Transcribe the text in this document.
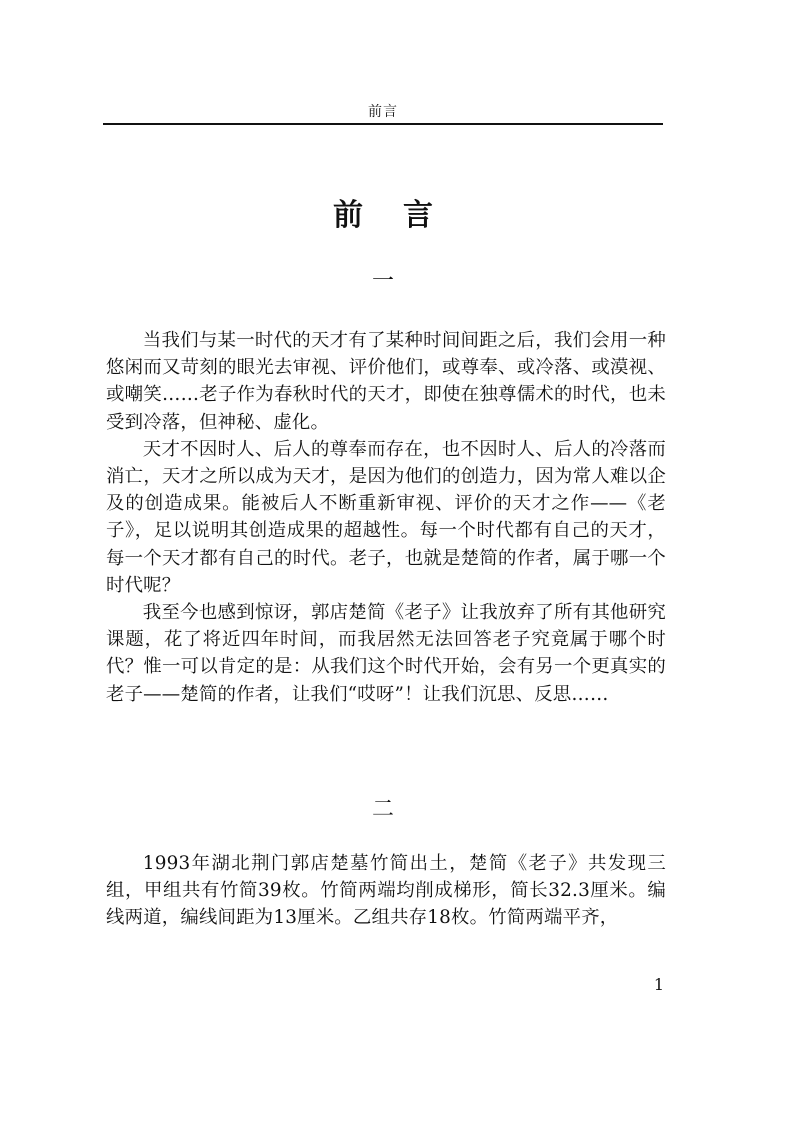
前言
前言
一

当我们与某一时代的天才有了某种时间间距之后，我们会用一种悠闲而又苛刻的眼光去审视、评价他们，或尊奉、或冷落、或漠视、或嘲笑……老子作为春秋时代的天才，即使在独尊儒术的时代，也未受到冷落，但神秘、虚化。

天才不因时人、后人的尊奉而存在，也不因时人、后人的冷落而消亡，天才之所以成为天才，是因为他们的创造力，因为常人难以企及的创造成果。能被后人不断重新审视、评价的天才之作——《老子》，足以说明其创造成果的超越性。每一个时代都有自己的天才，每一个天才都有自己的时代。老子，也就是楚简的作者，属于哪一个时代呢？

我至今也感到惊讶，郭店楚简《老子》让我放弃了所有其他研究课题，花了将近四年时间，而我居然无法回答老子究竟属于哪个时代？惟一可以肯定的是：从我们这个时代开始，会有另一个更真实的老子——楚简的作者，让我们“哎呀”！让我们沉思、反思……

二

1993年湖北荆门郭店楚墓竹简出土，楚简《老子》共发现三组，甲组共有竹简39枚。竹简两端均削成梯形，简长32.3厘米。编线两道，编线间距为13厘米。乙组共存18枚。竹简两端平齐，

1
